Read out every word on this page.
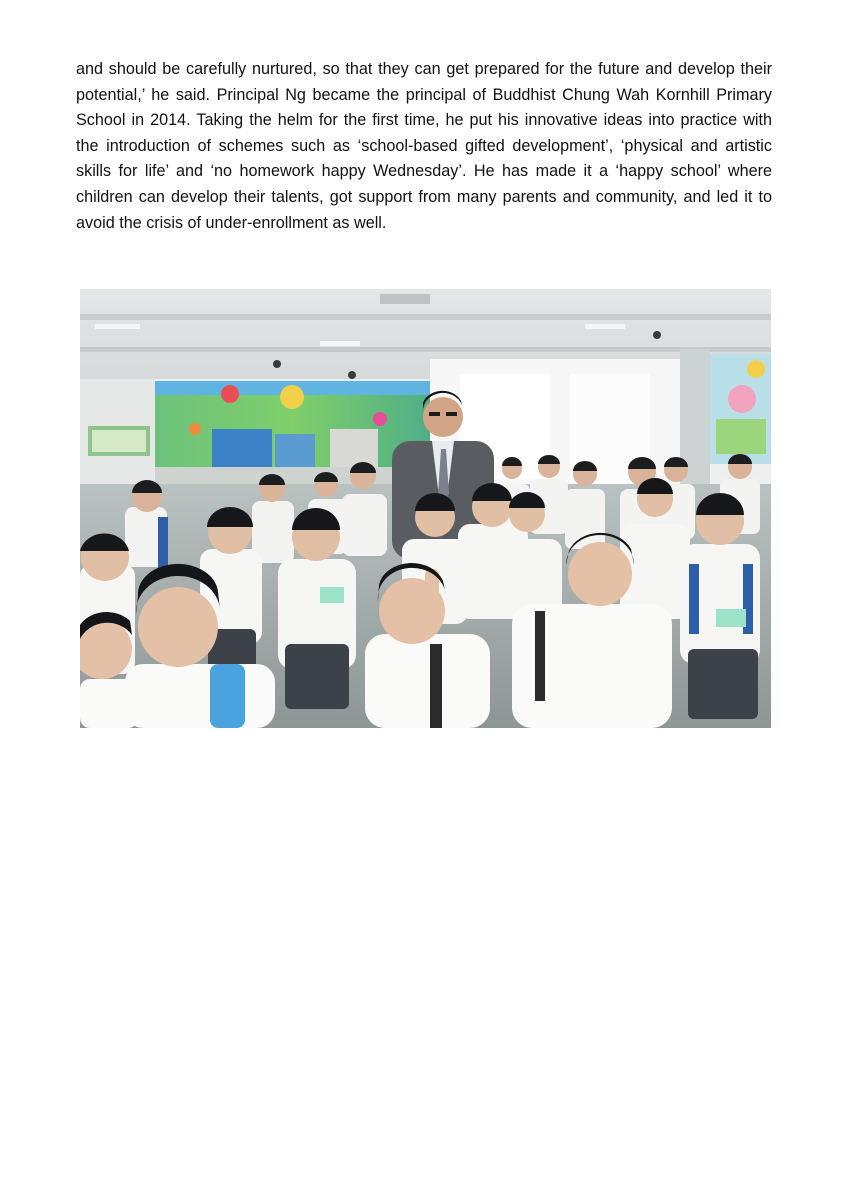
and should be carefully nurtured, so that they can get prepared for the future and develop their potential,’ he said. Principal Ng became the principal of Buddhist Chung Wah Kornhill Primary School in 2014. Taking the helm for the first time, he put his innovative ideas into practice with the introduction of schemes such as ‘school-based gifted development’, ‘physical and artistic skills for life’ and ‘no homework happy Wednesday’. He has made it a ‘happy school’ where children can develop their talents, got support from many parents and community, and led it to avoid the crisis of under-enrollment as well.
